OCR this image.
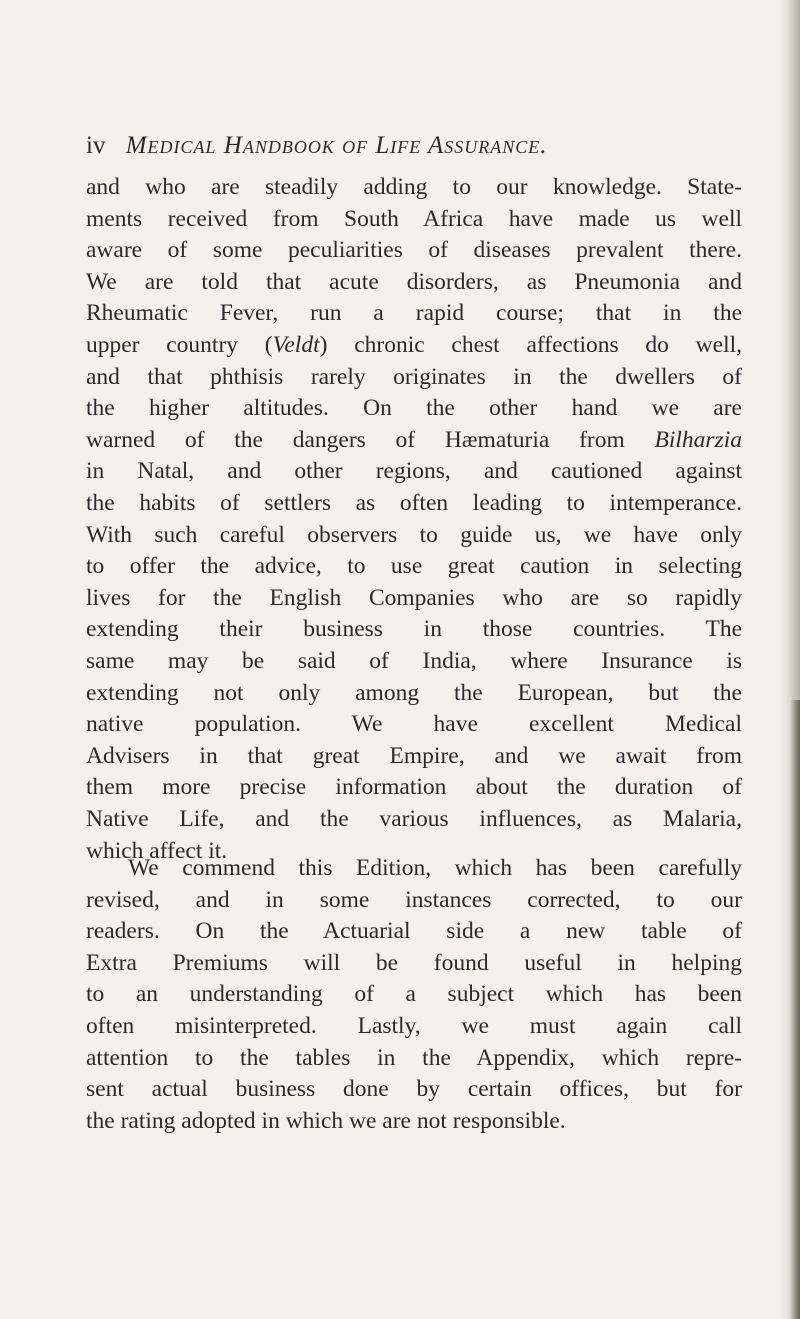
iv Medical Handbook of Life Assurance.
and who are steadily adding to our knowledge. State-
ments received from South Africa have made us well
aware of some peculiarities of diseases prevalent there.
We are told that acute disorders, as Pneumonia and
Rheumatic Fever, run a rapid course; that in the
upper country (Veldt) chronic chest affections do well,
and that phthisis rarely originates in the dwellers of
the higher altitudes. On the other hand we are
warned of the dangers of Hæmaturia from Bilharzia
in Natal, and other regions, and cautioned against
the habits of settlers as often leading to intemperance.
With such careful observers to guide us, we have only
to offer the advice, to use great caution in selecting
lives for the English Companies who are so rapidly
extending their business in those countries. The
same may be said of India, where Insurance is
extending not only among the European, but the
native population. We have excellent Medical
Advisers in that great Empire, and we await from
them more precise information about the duration of
Native Life, and the various influences, as Malaria,
which affect it.
We commend this Edition, which has been carefully
revised, and in some instances corrected, to our
readers. On the Actuarial side a new table of
Extra Premiums will be found useful in helping
to an understanding of a subject which has been
often misinterpreted. Lastly, we must again call
attention to the tables in the Appendix, which repre-
sent actual business done by certain offices, but for
the rating adopted in which we are not responsible.
